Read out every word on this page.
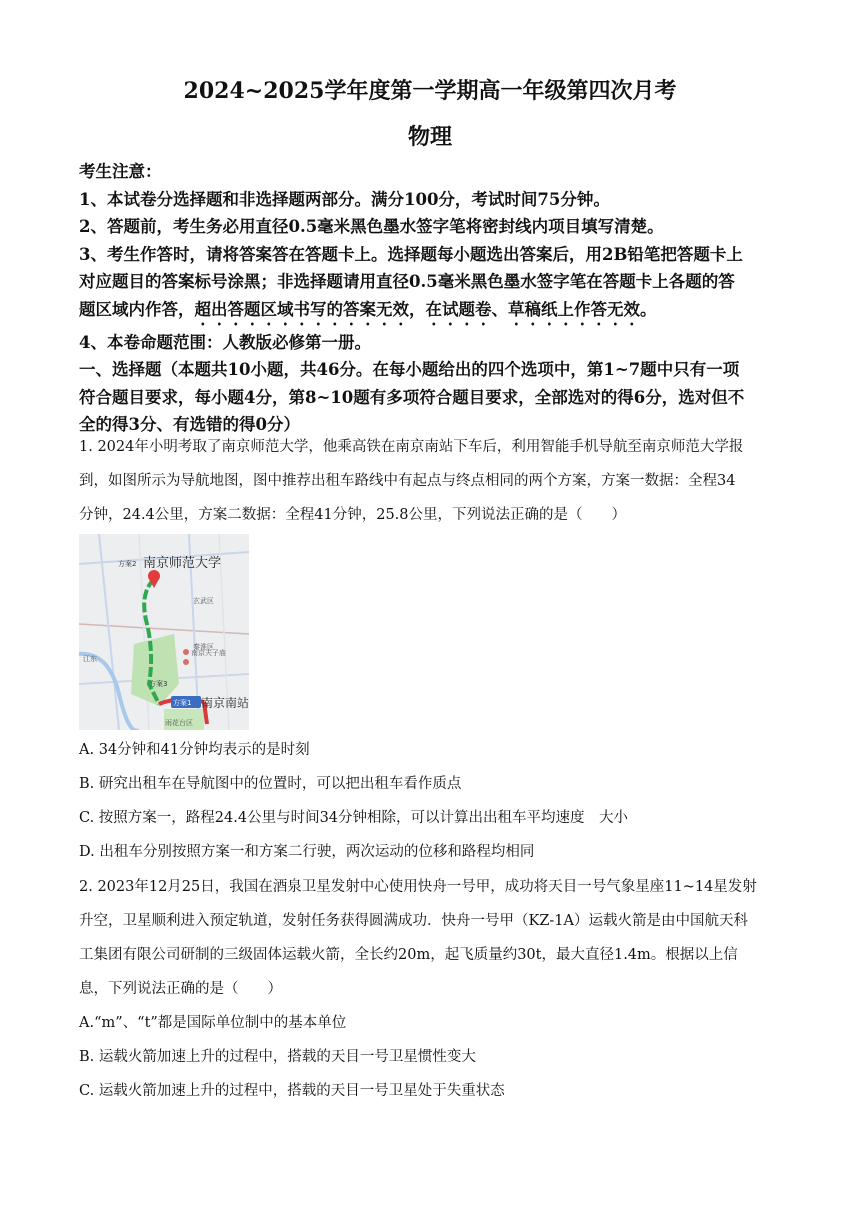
2024~2025学年度第一学期高一年级第四次月考
物理

考生注意：

1、本试卷分选择题和非选择题两部分。满分100分，考试时间75分钟。

2、答题前，考生务必用直径0.5毫米黑色墨水签字笔将密封线内项目填写清楚。

3、考生作答时，请将答案答在答题卡上。选择题每小题选出答案后，用2B铅笔把答题卡上

对应题目的答案标号涂黑；非选择题请用直径0.5毫米黑色墨水签字笔在答题卡上各题的答

题区域内作答，超出答题区域书写的答案无效，在试题卷、草稿纸上作答无效。

4、本卷命题范围：人教版必修第一册。

一、选择题（本题共10小题，共46分。在每小题给出的四个选项中，第1~7题中只有一项

符合题目要求，每小题4分，第8~10题有多项符合题目要求，全部选对的得6分，选对但不

全的得3分、有选错的得0分）

1. 2024年小明考取了南京师范大学，他乘高铁在南京南站下车后，利用智能手机导航至南京师范大学报

到，如图所示为导航地图，图中推荐出租车路线中有起点与终点相同的两个方案，方案一数据：全程34

分钟，24.4公里，方案二数据：全程41分钟，25.8公里，下列说法正确的是（　　）

南京师范大学
方案2
玄武区
秦淮区
南京夫子庙
江东
方案3
方案1 南京南站
雨花台区

A. 34分钟和41分钟均表示的是时刻

B. 研究出租车在导航图中的位置时，可以把出租车看作质点

C. 按照方案一，路程24.4公里与时间34分钟相除，可以计算出出租车平均速度　大小

D. 出租车分别按照方案一和方案二行驶，两次运动的位移和路程均相同

2. 2023年12月25日，我国在酒泉卫星发射中心使用快舟一号甲，成功将天目一号气象星座11~14星发射

升空，卫星顺利进入预定轨道，发射任务获得圆满成功．快舟一号甲（KZ-1A）运载火箭是由中国航天科

工集团有限公司研制的三级固体运载火箭，全长约20m，起飞质量约30t，最大直径1.4m。根据以上信

息，下列说法正确的是（　　）

A.“m”、“t”都是国际单位制中的基本单位

B. 运载火箭加速上升的过程中，搭载的天目一号卫星惯性变大

C. 运载火箭加速上升的过程中，搭载的天目一号卫星处于失重状态
